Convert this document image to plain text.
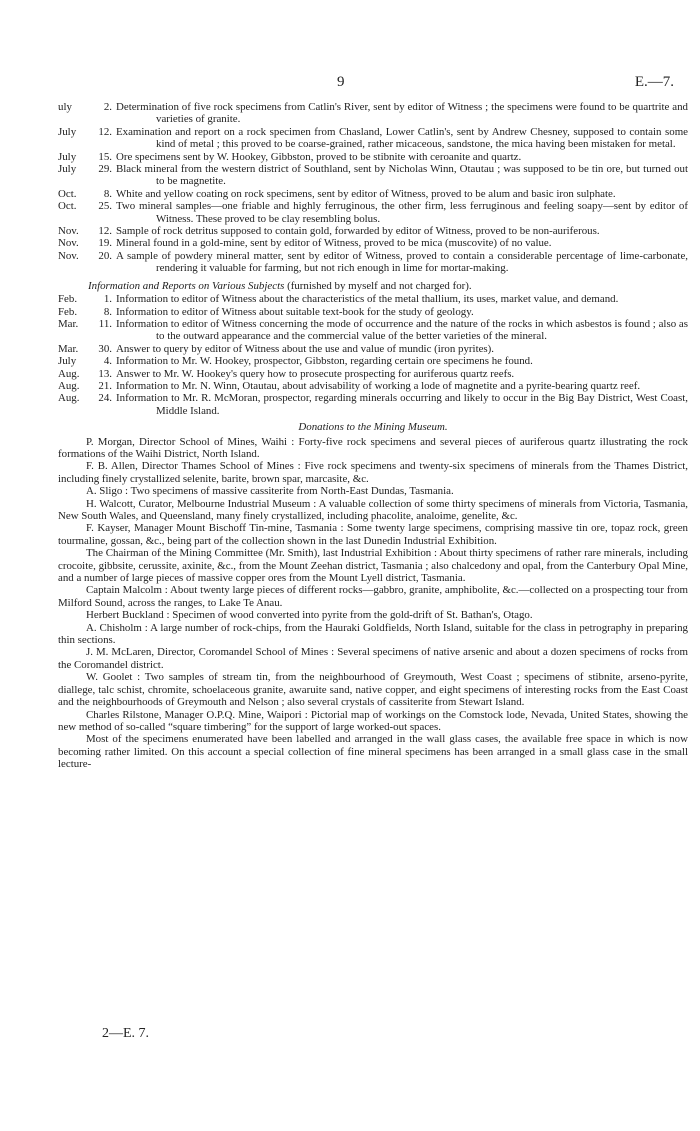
9	E.—7.
uly	2. Determination of five rock specimens from Catlin's River, sent by editor of Witness ; the specimens were found to be quartrite and varieties of granite.
July	12. Examination and report on a rock specimen from Chasland, Lower Catlin's, sent by Andrew Chesney, supposed to contain some kind of metal ; this proved to be coarse-grained, rather micaceous, sandstone, the mica having been mistaken for metal.
July	15. Ore specimens sent by W. Hookey, Gibbston, proved to be stibnite with ceroanite and quartz.
July	29. Black mineral from the western district of Southland, sent by Nicholas Winn, Otautau ; was supposed to be tin ore, but turned out to be magnetite.
Oct.	8. White and yellow coating on rock specimens, sent by editor of Witness, proved to be alum and basic iron sulphate.
Oct.	25. Two mineral samples—one friable and highly ferruginous, the other firm, less ferruginous and feeling soapy—sent by editor of Witness. These proved to be clay resembling bolus.
Nov.	12. Sample of rock detritus supposed to contain gold, forwarded by editor of Witness, proved to be non-auriferous.
Nov.	19. Mineral found in a gold-mine, sent by editor of Witness, proved to be mica (muscovite) of no value.
Nov.	20. A sample of powdery mineral matter, sent by editor of Witness, proved to contain a considerable percentage of lime-carbonate, rendering it valuable for farming, but not rich enough in lime for mortar-making.
Information and Reports on Various Subjects (furnished by myself and not charged for).
Feb.	1. Information to editor of Witness about the characteristics of the metal thallium, its uses, market value, and demand.
Feb.	8. Information to editor of Witness about suitable text-book for the study of geology.
Mar.	11. Information to editor of Witness concerning the mode of occurrence and the nature of the rocks in which asbestos is found ; also as to the outward appearance and the commercial value of the better varieties of the mineral.
Mar.	30. Answer to query by editor of Witness about the use and value of mundic (iron pyrites).
July	4. Information to Mr. W. Hookey, prospector, Gibbston, regarding certain ore specimens he found.
Aug.	13. Answer to Mr. W. Hookey's query how to prosecute prospecting for auriferous quartz reefs.
Aug.	21. Information to Mr. N. Winn, Otautau, about advisability of working a lode of magnetite and a pyrite-bearing quartz reef.
Aug.	24. Information to Mr. R. McMoran, prospector, regarding minerals occurring and likely to occur in the Big Bay District, West Coast, Middle Island.
Donations to the Mining Museum.
P. Morgan, Director School of Mines, Waihi : Forty-five rock specimens and several pieces of auriferous quartz illustrating the rock formations of the Waihi District, North Island.
F. B. Allen, Director Thames School of Mines : Five rock specimens and twenty-six specimens of minerals from the Thames District, including finely crystallized selenite, barite, brown spar, marcasite, &c.
A. Sligo : Two specimens of massive cassiterite from North-East Dundas, Tasmania.
H. Walcott, Curator, Melbourne Industrial Museum : A valuable collection of some thirty specimens of minerals from Victoria, Tasmania, New South Wales, and Queensland, many finely crystallized, including phacolite, analoime, genelite, &c.
F. Kayser, Manager Mount Bischoff Tin-mine, Tasmania : Some twenty large specimens, comprising massive tin ore, topaz rock, green tourmaline, gossan, &c., being part of the collection shown in the last Dunedin Industrial Exhibition.
The Chairman of the Mining Committee (Mr. Smith), last Industrial Exhibition : About thirty specimens of rather rare minerals, including crocoite, gibbsite, cerussite, axinite, &c., from the Mount Zeehan district, Tasmania ; also chalcedony and opal, from the Canterbury Opal Mine, and a number of large pieces of massive copper ores from the Mount Lyell district, Tasmania.
Captain Malcolm : About twenty large pieces of different rocks—gabbro, granite, amphibolite, &c.—collected on a prospecting tour from Milford Sound, across the ranges, to Lake Te Anau.
Herbert Buckland : Specimen of wood converted into pyrite from the gold-drift of St. Bathan's, Otago.
A. Chisholm : A large number of rock-chips, from the Hauraki Goldfields, North Island, suitable for the class in petrography in preparing thin sections.
J. M. McLaren, Director, Coromandel School of Mines : Several specimens of native arsenic and about a dozen specimens of rocks from the Coromandel district.
W. Goolet : Two samples of stream tin, from the neighbourhood of Greymouth, West Coast ; specimens of stibnite, arseno-pyrite, diallege, talc schist, chromite, schoelaceous granite, awaruite sand, native copper, and eight specimens of interesting rocks from the East Coast and the neighbourhoods of Greymouth and Nelson ; also several crystals of cassiterite from Stewart Island.
Charles Rilstone, Manager O.P.Q. Mine, Waipori : Pictorial map of workings on the Comstock lode, Nevada, United States, showing the new method of so-called “square timbering” for the support of large worked-out spaces.
Most of the specimens enumerated have been labelled and arranged in the wall glass cases, the available free space in which is now becoming rather limited. On this account a special collection of fine mineral specimens has been arranged in a small glass case in the small lecture-
2—E. 7.
